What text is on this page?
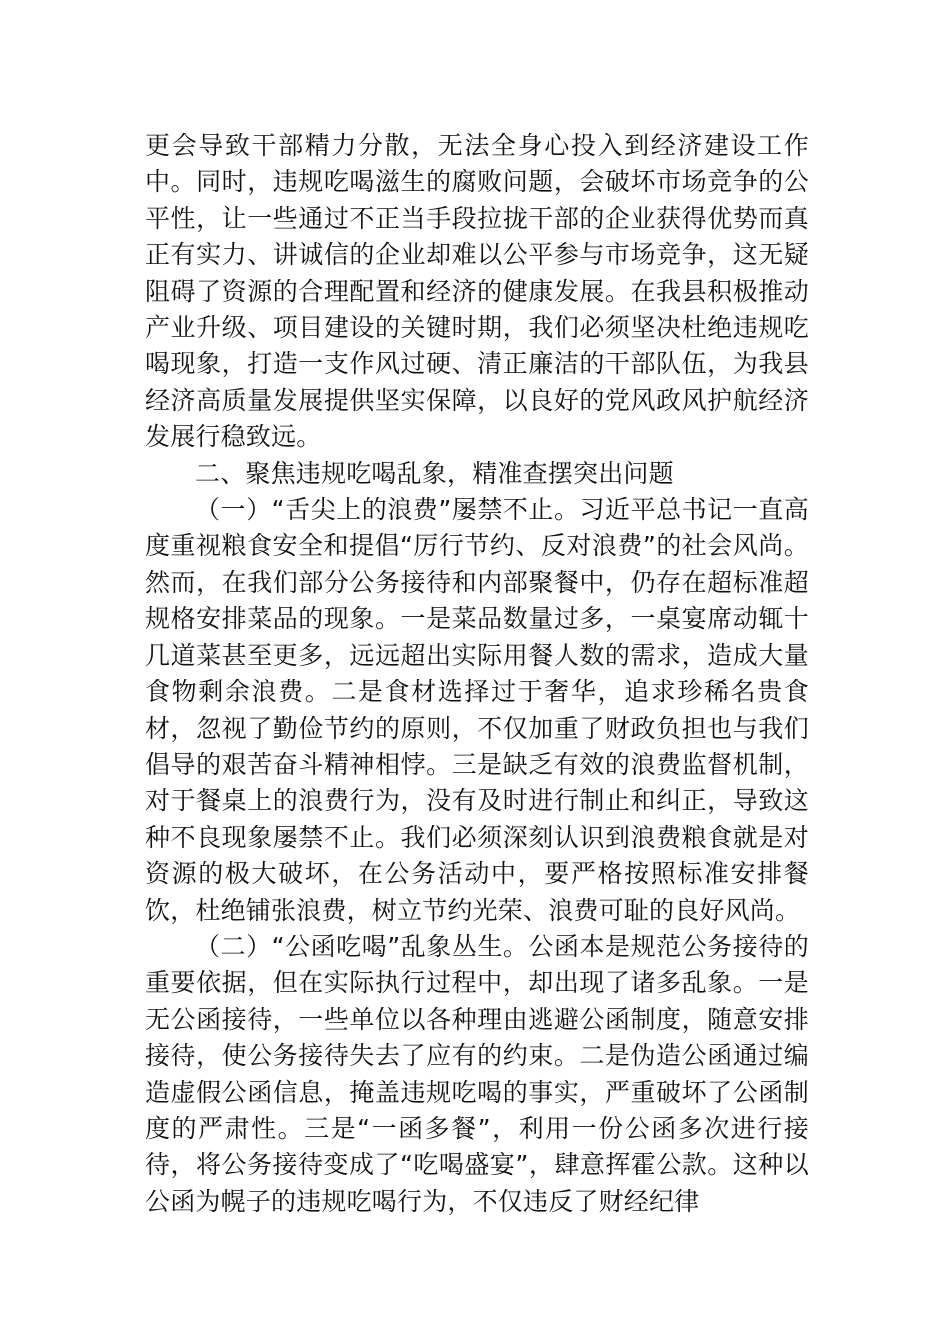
更会导致干部精力分散，无法全身心投入到经济建设工作中。同时，违规吃喝滋生的腐败问题，会破坏市场竞争的公平性，让一些通过不正当手段拉拢干部的企业获得优势而真正有实力、讲诚信的企业却难以公平参与市场竞争，这无疑阻碍了资源的合理配置和经济的健康发展。在我县积极推动产业升级、项目建设的关键时期，我们必须坚决杜绝违规吃喝现象，打造一支作风过硬、清正廉洁的干部队伍，为我县经济高质量发展提供坚实保障，以良好的党风政风护航经济发展行稳致远。

二、聚焦违规吃喝乱象，精准查摆突出问题

（一）“舌尖上的浪费”屡禁不止。习近平总书记一直高度重视粮食安全和提倡“厉行节约、反对浪费”的社会风尚。然而，在我们部分公务接待和内部聚餐中，仍存在超标准超规格安排菜品的现象。一是菜品数量过多，一桌宴席动辄十几道菜甚至更多，远远超出实际用餐人数的需求，造成大量食物剩余浪费。二是食材选择过于奢华，追求珍稀名贵食材，忽视了勤俭节约的原则，不仅加重了财政负担也与我们倡导的艰苦奋斗精神相悖。三是缺乏有效的浪费监督机制，对于餐桌上的浪费行为，没有及时进行制止和纠正，导致这种不良现象屡禁不止。我们必须深刻认识到浪费粮食就是对资源的极大破坏，在公务活动中，要严格按照标准安排餐饮，杜绝铺张浪费，树立节约光荣、浪费可耻的良好风尚。

（二）“公函吃喝”乱象丛生。公函本是规范公务接待的重要依据，但在实际执行过程中，却出现了诸多乱象。一是无公函接待，一些单位以各种理由逃避公函制度，随意安排接待，使公务接待失去了应有的约束。二是伪造公函通过编造虚假公函信息，掩盖违规吃喝的事实，严重破坏了公函制度的严肃性。三是“一函多餐”，利用一份公函多次进行接待，将公务接待变成了“吃喝盛宴”，肆意挥霍公款。这种以公函为幌子的违规吃喝行为，不仅违反了财经纪律
